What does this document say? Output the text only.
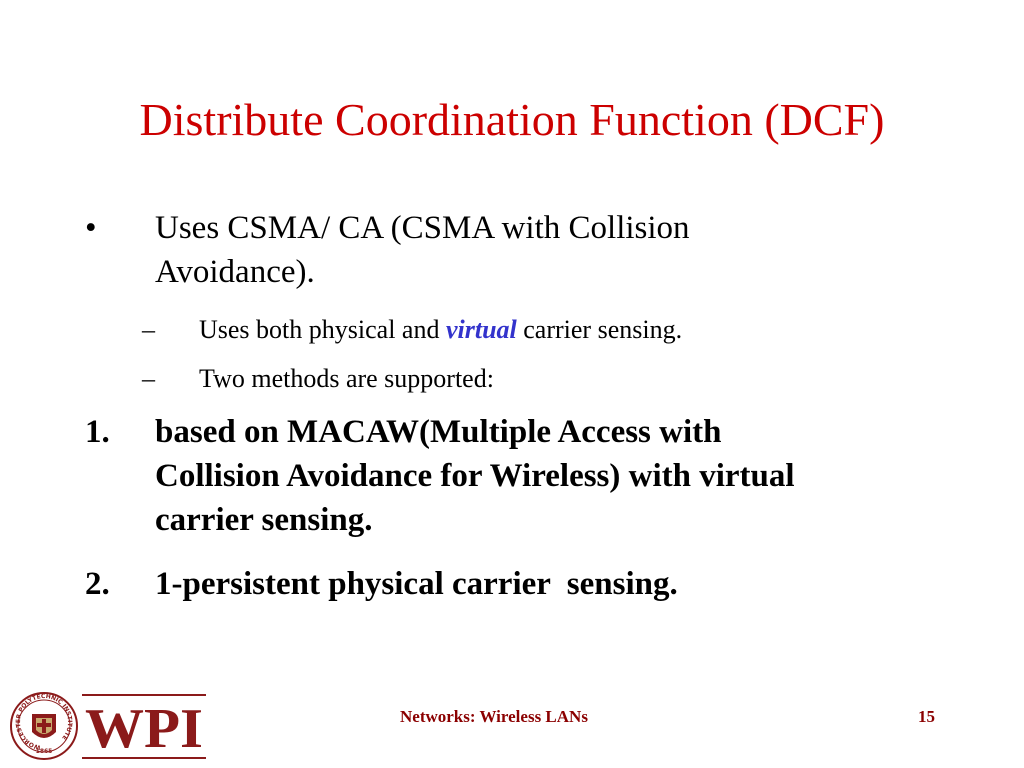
Distribute Coordination Function (DCF)
• Uses CSMA/ CA (CSMA with Collision
Avoidance).
– Uses both physical and virtual carrier sensing.
– Two methods are supported:
1. based on MACAW(Multiple Access with
Collision Avoidance for Wireless) with virtual
carrier sensing.
2. 1-persistent physical carrier  sensing.
WORCESTER POLYTECHNIC INSTITUTE
1865 WPI	Networks: Wireless LANs	15
